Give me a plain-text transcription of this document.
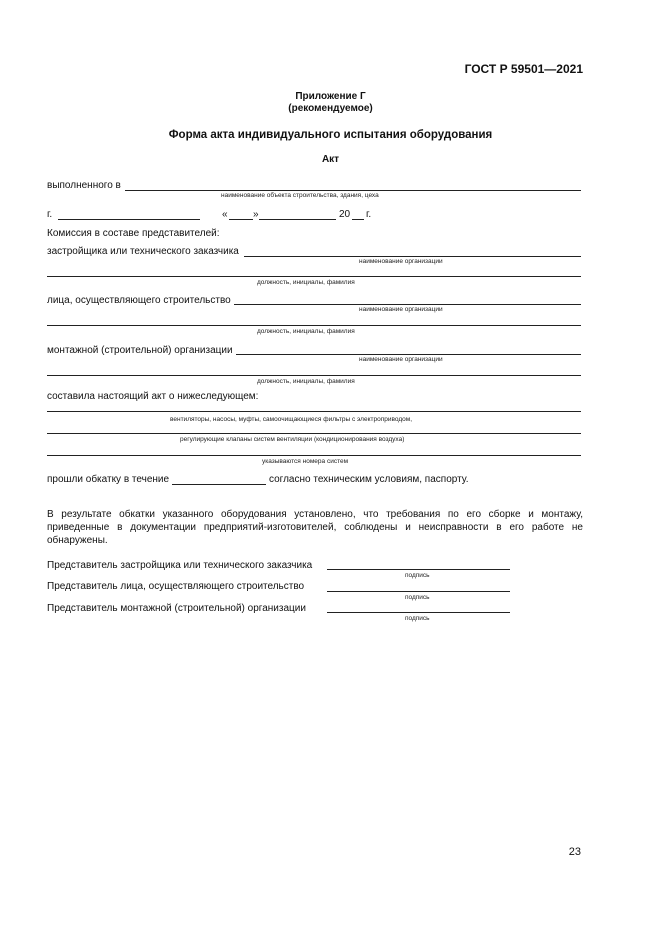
ГОСТ Р 59501—2021
Приложение Г
(рекомендуемое)
Форма акта индивидуального испытания оборудования
Акт
выполненного в
наименование объекта строительства, здания, цеха
г.	«	»	20 г.
Комиссия в составе представителей:
застройщика или технического заказчика
наименование организации
должность, инициалы, фамилия
лица, осуществляющего строительство
наименование организации
должность, инициалы, фамилия
монтажной (строительной) организации
наименование организации
должность, инициалы, фамилия
составила настоящий акт о нижеследующем:
вентиляторы, насосы, муфты, самоочищающиеся фильтры с электроприводом,
регулирующие клапаны систем вентиляции (кондиционирования воздуха)
указываются номера систем
прошли обкатку в течение	согласно техническим условиям, паспорту.
В результате обкатки указанного оборудования установлено, что требования по его сборке и монтажу, приведенные в документации предприятий-изготовителей, соблюдены и неисправности в его работе не обнаружены.
Представитель застройщика или технического заказчика
подпись
Представитель лица, осуществляющего строительство
подпись
Представитель монтажной (строительной) организации
подпись
23
